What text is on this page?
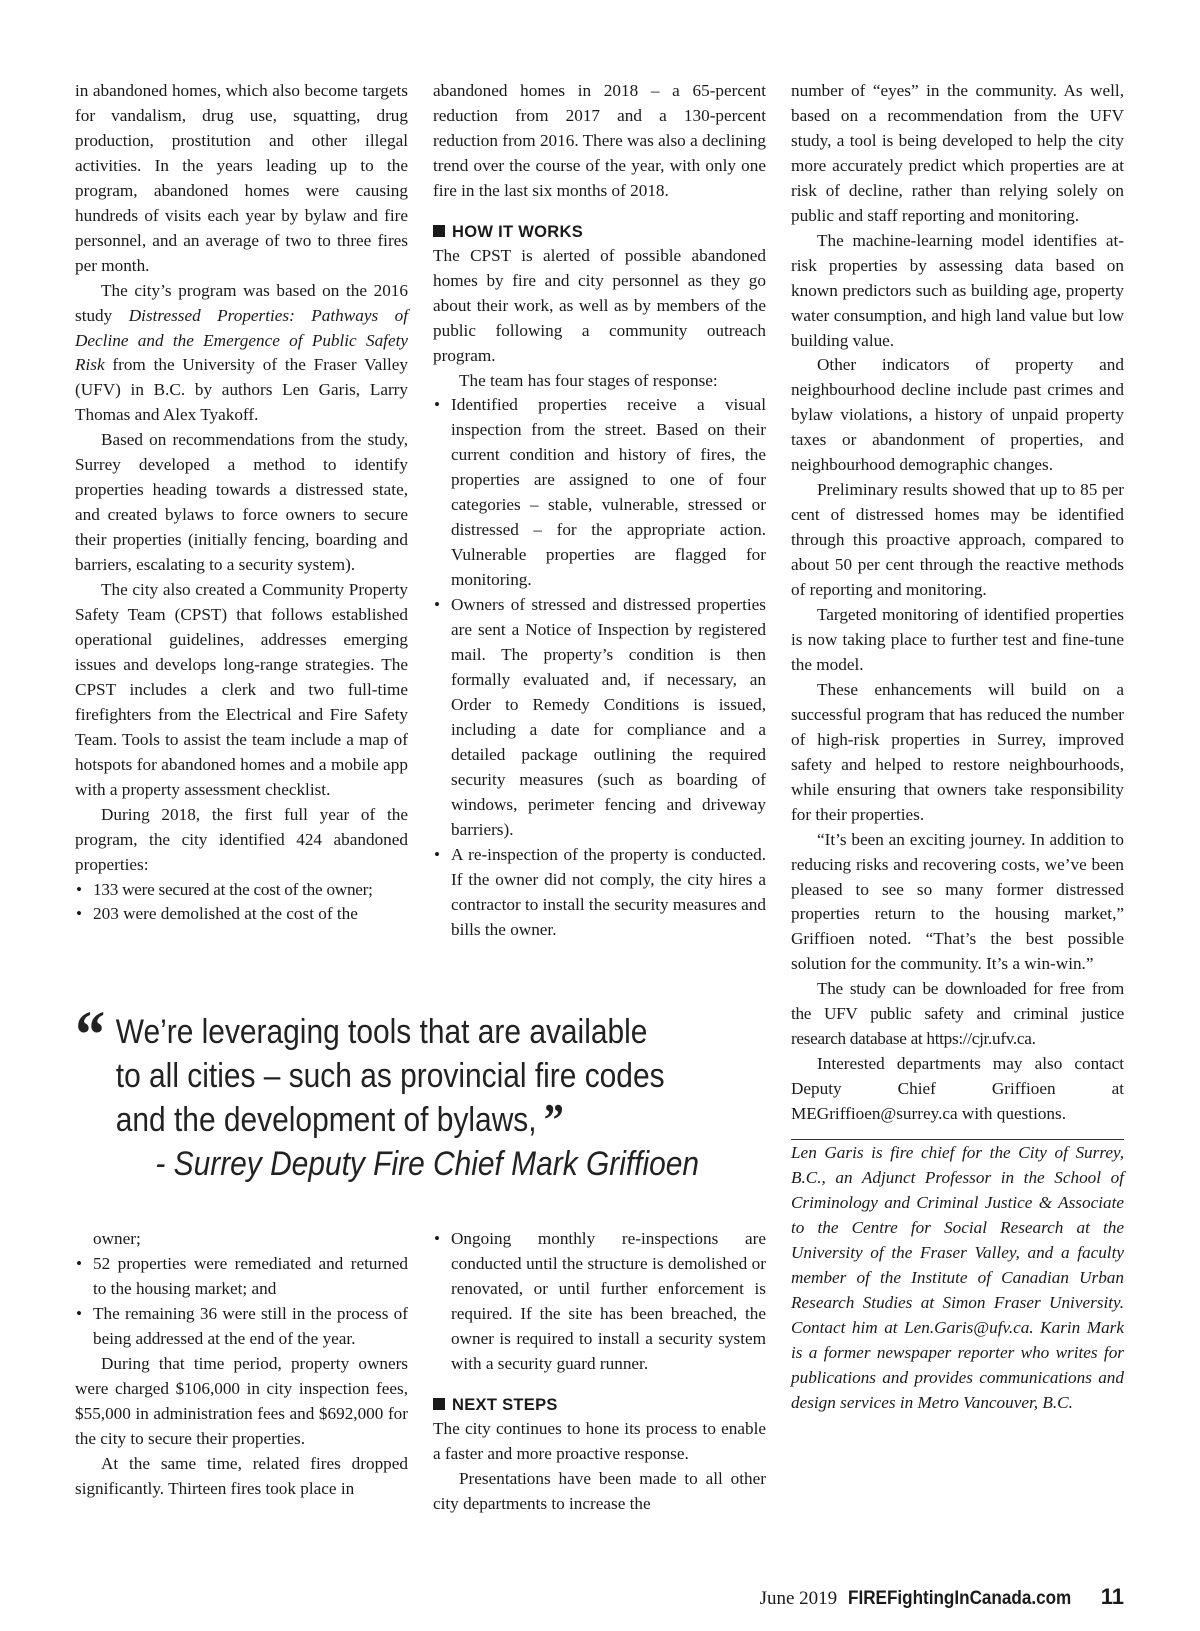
in abandoned homes, which also become targets for vandalism, drug use, squatting, drug production, prostitution and other illegal activities. In the years leading up to the program, abandoned homes were causing hundreds of visits each year by bylaw and fire personnel, and an average of two to three fires per month.

The city’s program was based on the 2016 study Distressed Properties: Pathways of Decline and the Emergence of Public Safety Risk from the University of the Fraser Valley (UFV) in B.C. by authors Len Garis, Larry Thomas and Alex Tyakoff.

Based on recommendations from the study, Surrey developed a method to identify properties heading towards a distressed state, and created bylaws to force owners to secure their properties (initially fencing, boarding and barriers, escalating to a security system).

The city also created a Community Property Safety Team (CPST) that follows established operational guidelines, addresses emerging issues and develops long-range strategies. The CPST includes a clerk and two full-time firefighters from the Electrical and Fire Safety Team. Tools to assist the team include a map of hotspots for abandoned homes and a mobile app with a property assessment checklist.

During 2018, the first full year of the program, the city identified 424 abandoned properties:

• 133 were secured at the cost of the owner;
• 203 were demolished at the cost of the

abandoned homes in 2018 – a 65-percent reduction from 2017 and a 130-percent reduction from 2016. There was also a declining trend over the course of the year, with only one fire in the last six months of 2018.

HOW IT WORKS

The CPST is alerted of possible abandoned homes by fire and city personnel as they go about their work, as well as by members of the public following a community outreach program.

The team has four stages of response:

• Identified properties receive a visual inspection from the street. Based on their current condition and history of fires, the properties are assigned to one of four categories – stable, vulnerable, stressed or distressed – for the appropriate action. Vulnerable properties are flagged for monitoring.
• Owners of stressed and distressed properties are sent a Notice of Inspection by registered mail. The property’s condition is then formally evaluated and, if necessary, an Order to Remedy Conditions is issued, including a date for compliance and a detailed package outlining the required security measures (such as boarding of windows, perimeter fencing and driveway barriers).
• A re-inspection of the property is conducted. If the owner did not comply, the city hires a contractor to install the security measures and bills the owner.
“ We’re leveraging tools that are available
to all cities – such as provincial fire codes
and the development of bylaws, ”
- Surrey Deputy Fire Chief Mark Griffioen
owner;
• 52 properties were remediated and returned to the housing market; and
• The remaining 36 were still in the process of being addressed at the end of the year.

During that time period, property owners were charged $106,000 in city inspection fees, $55,000 in administration fees and $692,000 for the city to secure their properties.

At the same time, related fires dropped significantly. Thirteen fires took place in

• Ongoing monthly re-inspections are conducted until the structure is demolished or renovated, or until further enforcement is required. If the site has been breached, the owner is required to install a security system with a security guard runner.
NEXT STEPS

The city continues to hone its process to enable a faster and more proactive response.

Presentations have been made to all other city departments to increase the

number of “eyes” in the community. As well, based on a recommendation from the UFV study, a tool is being developed to help the city more accurately predict which properties are at risk of decline, rather than relying solely on public and staff reporting and monitoring.

The machine-learning model identifies at-risk properties by assessing data based on known predictors such as building age, property water consumption, and high land value but low building value.

Other indicators of property and neighbourhood decline include past crimes and bylaw violations, a history of unpaid property taxes or abandonment of properties, and neighbourhood demographic changes.

Preliminary results showed that up to 85 per cent of distressed homes may be identified through this proactive approach, compared to about 50 per cent through the reactive methods of reporting and monitoring.

Targeted monitoring of identified properties is now taking place to further test and fine-tune the model.

These enhancements will build on a successful program that has reduced the number of high-risk properties in Surrey, improved safety and helped to restore neighbourhoods, while ensuring that owners take responsibility for their properties.

“It’s been an exciting journey. In addition to reducing risks and recovering costs, we’ve been pleased to see so many former distressed properties return to the housing market,” Griffioen noted. “That’s the best possible solution for the community. It’s a win-win.”

The study can be downloaded for free from the UFV public safety and criminal justice research database at https://cjr.ufv.ca.

Interested departments may also contact Deputy Chief Griffioen at MEGriffioen@surrey.ca with questions.

Len Garis is fire chief for the City of Surrey, B.C., an Adjunct Professor in the School of Criminology and Criminal Justice & Associate to the Centre for Social Research at the University of the Fraser Valley, and a faculty member of the Institute of Canadian Urban Research Studies at Simon Fraser University. Contact him at Len.Garis@ufv.ca. Karin Mark is a former newspaper reporter who writes for publications and provides communications and design services in Metro Vancouver, B.C.

June 2019 FIREFightingInCanada.com 11
